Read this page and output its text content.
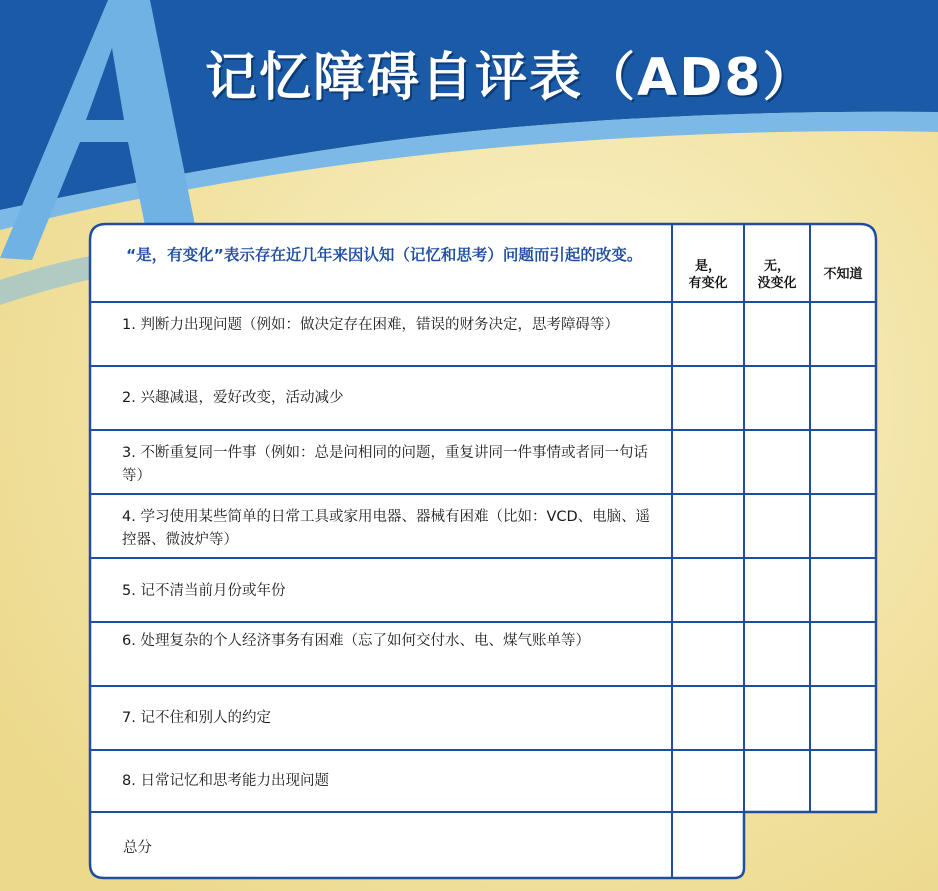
记忆障碍自评表（AD8）
“是，有变化”表示存在近几年来因认知（记忆和思考）问题而引起的改变。
是，
有变化
无，
没变化
不知道
1. 判断力出现问题（例如：做决定存在困难，错误的财务决定，思考障碍等）
2. 兴趣减退，爱好改变，活动减少
3. 不断重复同一件事（例如：总是问相同的问题，重复讲同一件事情或者同一句话等）
4. 学习使用某些简单的日常工具或家用电器、器械有困难（比如：VCD、电脑、遥控器、微波炉等）
5. 记不清当前月份或年份
6. 处理复杂的个人经济事务有困难（忘了如何交付水、电、煤气账单等）
7. 记不住和别人的约定
8. 日常记忆和思考能力出现问题
总分
